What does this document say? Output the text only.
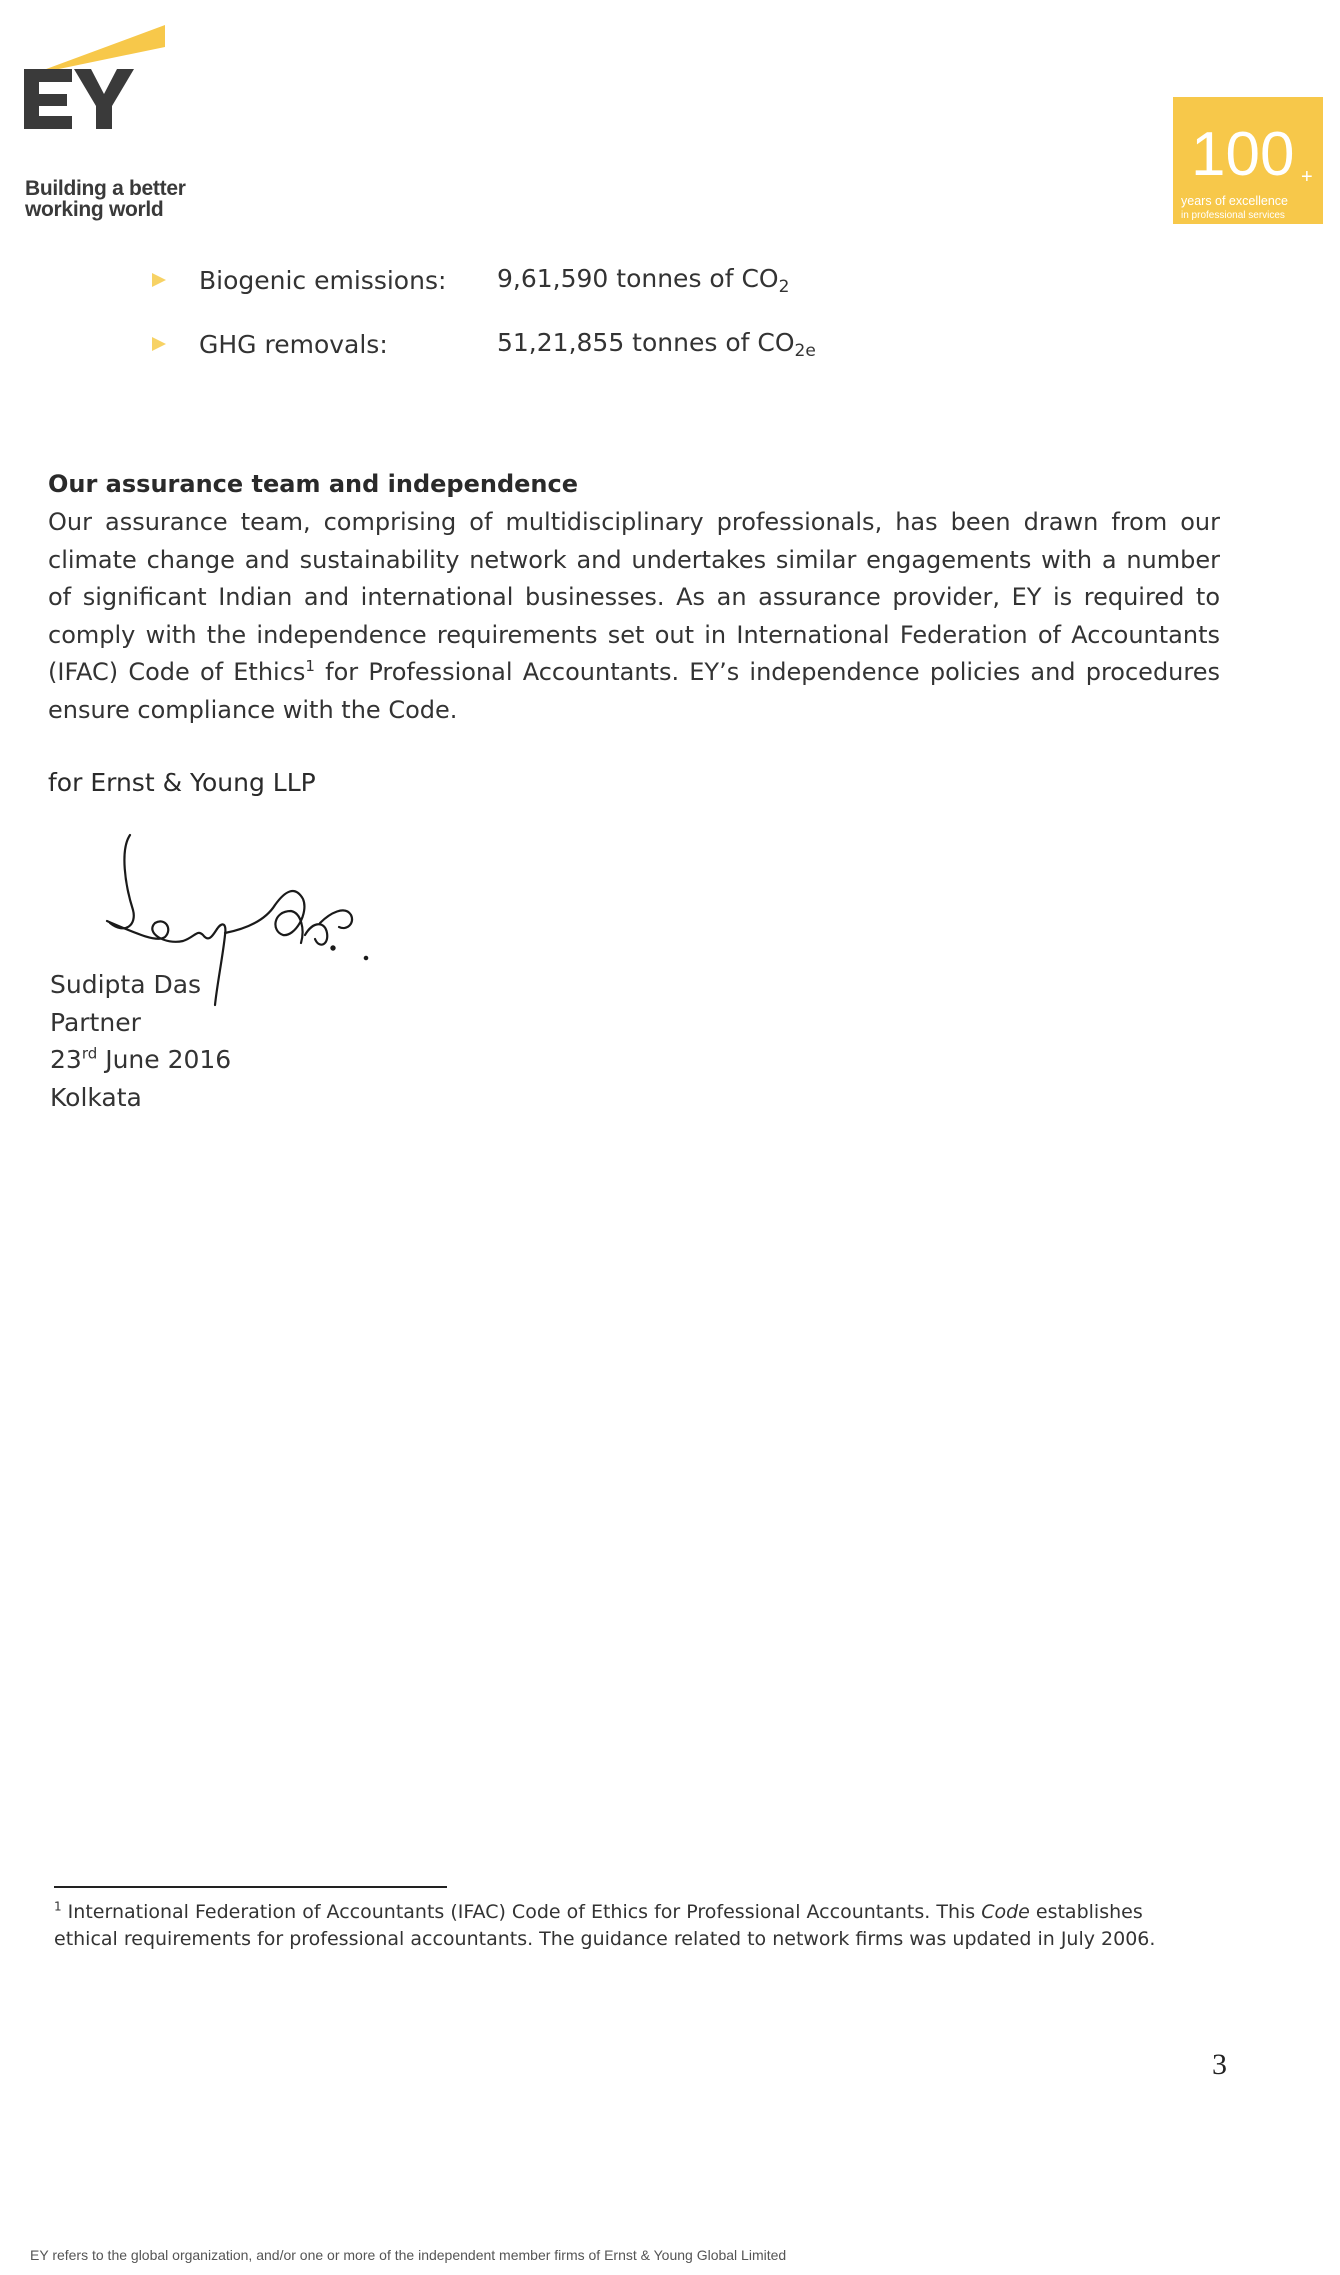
Building a better
working world
100 +
years of excellence
in professional services
Biogenic emissions:	9,61,590 tonnes of $CO_2$
GHG removals:	51,21,855 tonnes of $CO_{2e}$
Our assurance team and independence
Our assurance team, comprising of multidisciplinary professionals, has been drawn from our
climate change and sustainability network and undertakes similar engagements with a number
of significant Indian and international businesses. As an assurance provider, EY is required to
comply with the independence requirements set out in International Federation of Accountants
(IFAC) Code of Ethics$^1$ for Professional Accountants. EY’s independence policies and procedures
ensure compliance with the Code.
for Ernst & Young LLP
Sudipta Das
Partner
23rd June 2016
Kolkata
$^1$ International Federation of Accountants (IFAC) Code of Ethics for Professional Accountants. This Code establishes
ethical requirements for professional accountants. The guidance related to network firms was updated in July 2006.
3
EY refers to the global organization, and/or one or more of the independent member firms of Ernst & Young Global Limited
